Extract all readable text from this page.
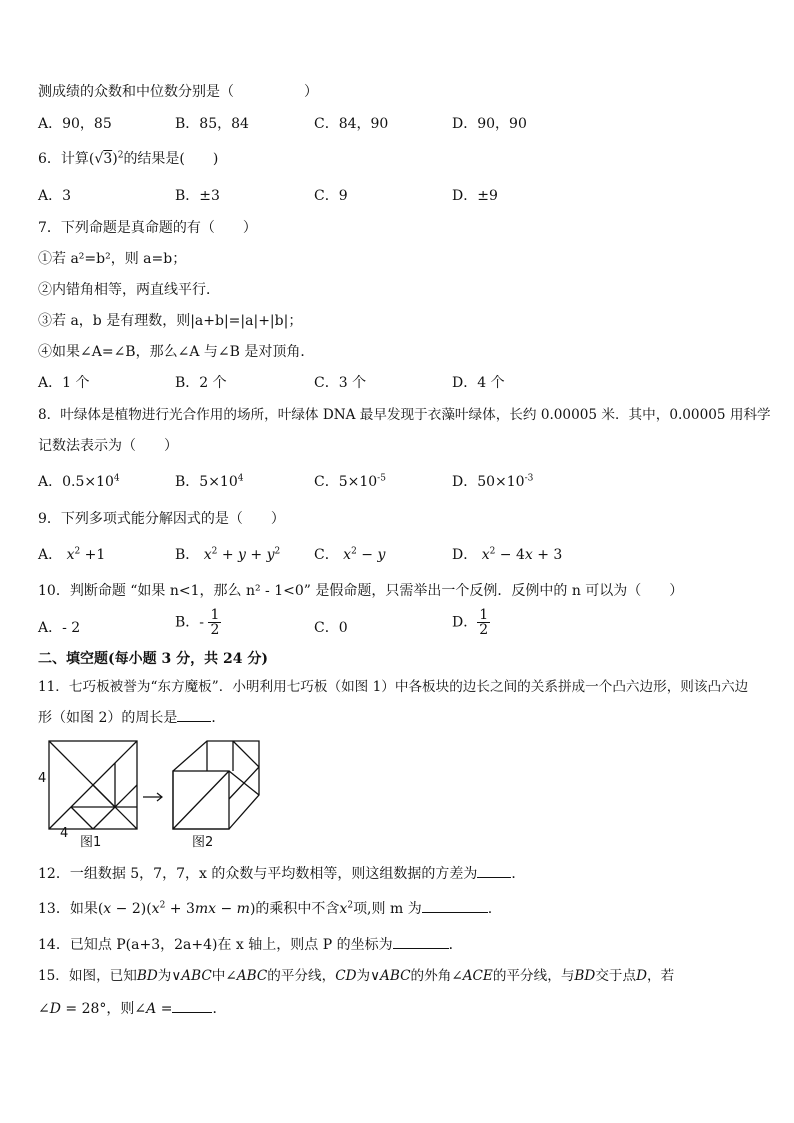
测成绩的众数和中位数分别是（　　　　　）
A．90，85	B．85，84	C．84，90	D．90，90
6．计算$(√3)^2$的结果是(　　)
A．3	B．±3	C．9	D．±9
7．下列命题是真命题的有（　　）
①若 a²=b²，则 a=b；
②内错角相等，两直线平行．
③若 a，b 是有理数，则|a+b|=|a|+|b|；
④如果∠A=∠B，那么∠A 与∠B 是对顶角．
A．1 个	B．2 个	C．3 个	D．4 个
8．叶绿体是植物进行光合作用的场所，叶绿体 DNA 最早发现于衣藻叶绿体，长约 0.00005 米．其中，0.00005 用科学
记数法表示为（　　）
A．$0.5\times 10^4$	B．$5\times 10^4$	C．$5\times 10^{-5}$	D．$50\times 10^{-3}$
9．下列多项式能分解因式的是（　　）
A． $x^2 +1$	B． $x^2 + y + y^2$ C． $x^2 - y$	D． $x^2 - 4x + 3$
10．判断命题 “如果 n<1，那么 n² - 1<0” 是假命题，只需举出一个反例．反例中的 n 可以为（　　）
A．- 2	B．- $\frac{1}{2}$	C．0	D． $\frac{1}{2}$
二、填空题(每小题 3 分，共 24 分)
11．七巧板被誉为“东方魔板”．小明利用七巧板（如图 1）中各板块的边长之间的关系拼成一个凸六边形，则该凸六边
形（如图 2）的周长是 ．
4
4
图1	图2
12．一组数据 5，7，7，x 的众数与平均数相等，则这组数据的方差为 ．
13．如果$(x - 2)(x^2 + 3mx - m)$的乘积中不含$x^2$项,则 m 为	.
14．已知点 P(a+3，2a+4)在 x 轴上，则点 P 的坐标为	．
15．如图，已知BD为∨ABC中∠ABC的平分线，CD为∨ABC的外角∠ACE的平分线，与BD交于点D，若
∠D = 28°，则∠A =	．
